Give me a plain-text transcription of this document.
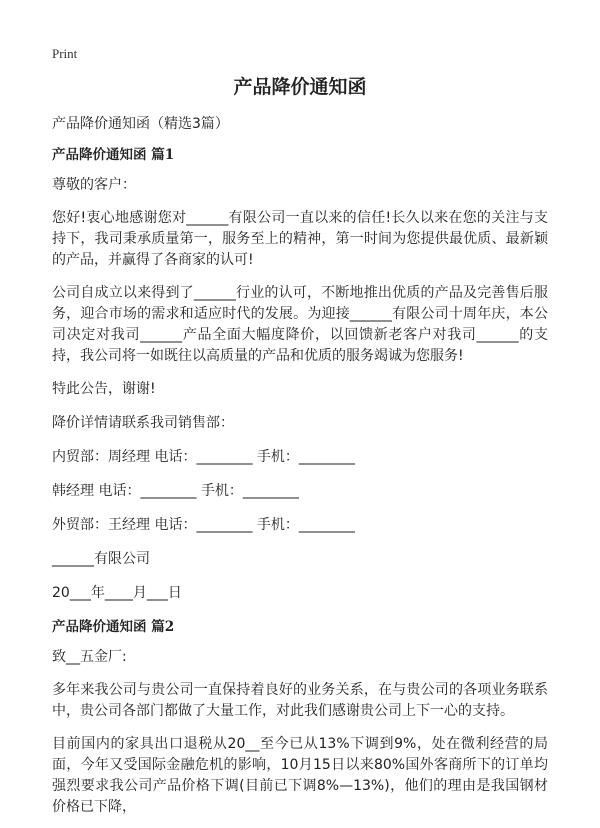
Print
产品降价通知函

产品降价通知函（精选3篇）

产品降价通知函 篇1

尊敬的客户：

您好!衷心地感谢您对______有限公司一直以来的信任!长久以来在您的关注与支持下，我司秉承质量第一，服务至上的精神，第一时间为您提供最优质、最新颖的产品，并赢得了各商家的认可!

公司自成立以来得到了______行业的认可，不断地推出优质的产品及完善售后服务，迎合市场的需求和适应时代的发展。为迎接______有限公司十周年庆，本公司决定对我司______产品全面大幅度降价，以回馈新老客户对我司______的支持，我公司将一如既往以高质量的产品和优质的服务竭诚为您服务!

特此公告，谢谢!

降价详情请联系我司销售部：

内贸部：周经理 电话：________ 手机：________

韩经理 电话：________ 手机：________

外贸部：王经理 电话：________ 手机：________

______有限公司

20___年____月___日

产品降价通知函 篇2

致__五金厂:

多年来我公司与贵公司一直保持着良好的业务关系，在与贵公司的各项业务联系中，贵公司各部门都做了大量工作，对此我们感谢贵公司上下一心的支持。

目前国内的家具出口退税从20__至今已从13%下调到9%，处在微利经营的局面，今年又受国际金融危机的影响，10月15日以来80%国外客商所下的订单均强烈要求我公司产品价格下调(目前已下调8%—13%)，他们的理由是我国钢材价格已下降，
